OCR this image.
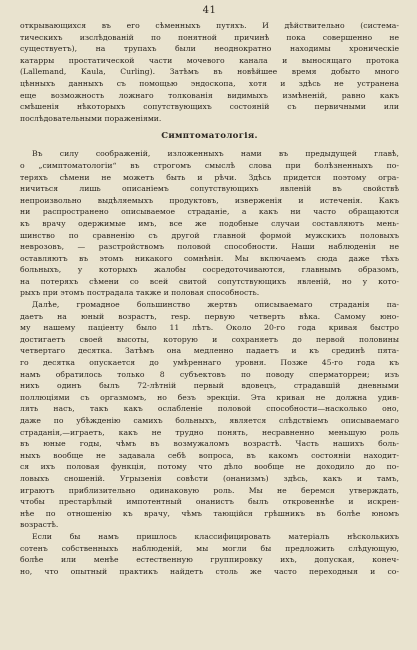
41
открывающихся въ его сѣменныхъ путяхъ. И дѣйствительно (система-
тическихъ изслѣдованій по понятной причинѣ пока совершенно не
существуетъ), на трупахъ были неоднократно находимы хроническіе
катарры простатической части мочевого канала и выносящаго протока
(Lallemand, Kaula, Curling). Затѣмъ въ новѣйшее время добыто много
цѣнныхъ данныхъ съ помощью эндоскопа, хотя и здѣсь не устранена
еще возможность ложнаго толкованія видимыхъ измѣненій, равно какъ
смѣшенія нѣкоторыхъ сопутствующихъ состояній съ первичными или
послѣдовательными пораженіями.
Симптоматологія.
Въ силу соображеній, изложенныхъ нами въ предыдущей главѣ,
о „симптоматологіи“ въ строгомъ смыслѣ слова при болѣзненныхъ по-
теряхъ сѣмени не можетъ быть и рѣчи. Здѣсь придется поэтому огра-
ничиться лишь описаніемъ сопутствующихъ явленій въ свойствѣ
непроизвольно выдѣляемыхъ продуктовъ, изверженія и истеченія. Какъ
ни распространено описываемое страданіе, а какъ ни часто обращаются
къ врачу одержимые имъ, все же подобные случаи составляютъ мень-
шинство по сравненію съ другой главной формой мужскихъ половыхъ
неврозовъ, — разстройствомъ половой способности. Наши наблюденія не
оставляютъ въ этомъ никакого сомнѣнія. Мы включаемъ сюда даже тѣхъ
больныхъ, у которыхъ жалобы сосредоточиваются, главнымъ образомъ,
на потеряхъ сѣмени со всей свитой сопутствующихъ явленій, но у кото-
рыхъ при этомъ пострадала также и половая способность.
Далѣе, громадное большинство жертвъ описываемаго страданія па-
даетъ на юный возрастъ, resp. первую четверть вѣка. Самому юно-
му нашему паціенту было 11 лѣтъ. Около 20-го года кривая быстро
достигаетъ своей высоты, которую и сохраняетъ до первой половины
четвертаго десятка. Затѣмъ она медленно падаетъ и къ срединѣ пята-
го десятка опускается до умѣреннаго уровня. Позже 45-го года къ
намъ обратилось только 8 субъектовъ по поводу сперматорреи; изъ
нихъ одинъ былъ 72-лѣтній первый вдовецъ, страдавшій дневными
поллюціями съ оргазмомъ, но безъ эрекціи. Эта кривая не должна удив-
лять насъ, такъ какъ ослабленіе половой способности—насколько оно,
даже по убѣжденію самихъ больныхъ, является слѣдствіемъ описываемаго
страданія,—играетъ, какъ не трудно понять, несравненно меньшую роль
въ юные годы, чѣмъ въ возмужаломъ возрастѣ. Часть нашихъ боль-
ныхъ вообще не задавала себѣ вопроса, въ какомъ состояніи находит-
ся ихъ половая функція, потому что дѣло вообще не доходило до по-
ловыхъ сношеній. Угрызенія совѣсти (онанизмъ) здѣсь, какъ и тамъ,
играютъ приблизительно одинаковую роль. Мы не беремся утверждать,
чтобы престарѣлый импотентный онанистъ былъ откровеннѣе и искрен-
нѣе по отношенію къ врачу, чѣмъ тающійся грѣшникъ въ болѣе юномъ
возрастѣ.
Если бы намъ пришлось классифицировать матеріалъ нѣсколькихъ
сотенъ собственныхъ наблюденій, мы могли бы предложить слѣдующую,
болѣе или менѣе естественную группировку ихъ, допуская, конеч-
но, что опытный практикъ найдетъ столь же часто переходныя и со-
